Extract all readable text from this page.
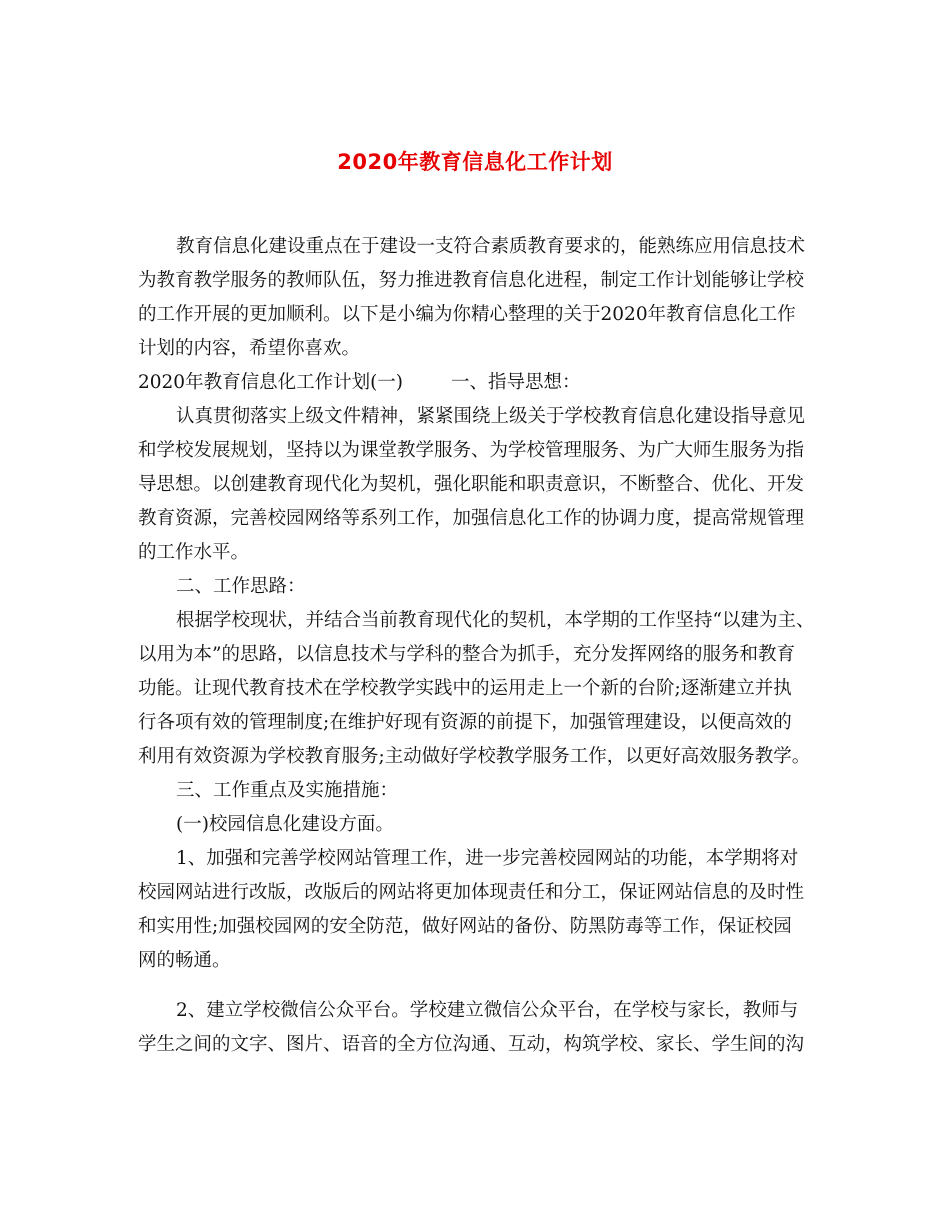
2020年教育信息化工作计划
教育信息化建设重点在于建设一支符合素质教育要求的，能熟练应用信息技术
为教育教学服务的教师队伍，努力推进教育信息化进程，制定工作计划能够让学校
的工作开展的更加顺利。以下是小编为你精心整理的关于2020年教育信息化工作
计划的内容，希望你喜欢。
2020年教育信息化工作计划(一)	一、指导思想：
认真贯彻落实上级文件精神，紧紧围绕上级关于学校教育信息化建设指导意见
和学校发展规划，坚持以为课堂教学服务、为学校管理服务、为广大师生服务为指
导思想。以创建教育现代化为契机，强化职能和职责意识，不断整合、优化、开发
教育资源，完善校园网络等系列工作，加强信息化工作的协调力度，提高常规管理
的工作水平。
二、工作思路：
根据学校现状，并结合当前教育现代化的契机，本学期的工作坚持“以建为主、
以用为本”的思路，以信息技术与学科的整合为抓手，充分发挥网络的服务和教育
功能。让现代教育技术在学校教学实践中的运用走上一个新的台阶;逐渐建立并执
行各项有效的管理制度;在维护好现有资源的前提下，加强管理建设，以便高效的
利用有效资源为学校教育服务;主动做好学校教学服务工作，以更好高效服务教学。
三、工作重点及实施措施：
(一)校园信息化建设方面。
1、加强和完善学校网站管理工作，进一步完善校园网站的功能，本学期将对
校园网站进行改版，改版后的网站将更加体现责任和分工，保证网站信息的及时性
和实用性;加强校园网的安全防范，做好网站的备份、防黑防毒等工作，保证校园
网的畅通。
2、建立学校微信公众平台。学校建立微信公众平台，在学校与家长，教师与
学生之间的文字、图片、语音的全方位沟通、互动，构筑学校、家长、学生间的沟
